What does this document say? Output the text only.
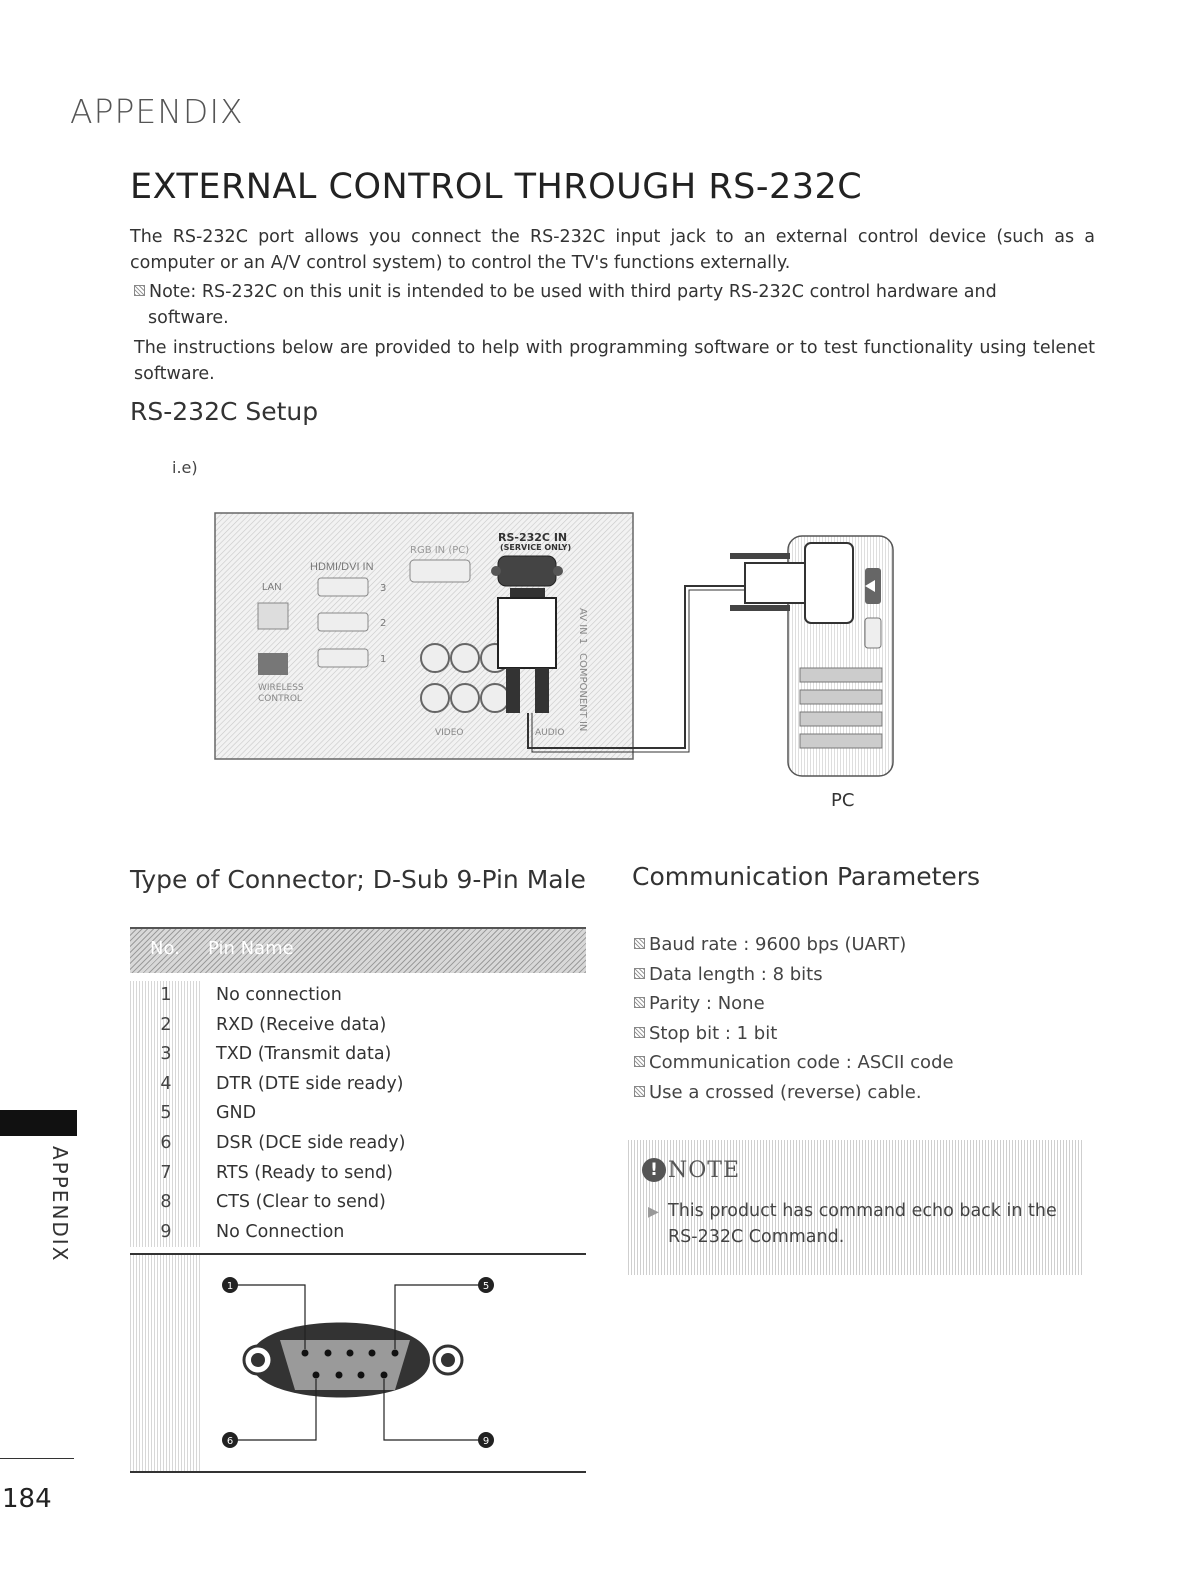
APPENDIX
EXTERNAL CONTROL THROUGH RS-232C
The RS-232C port allows you connect the RS-232C input jack to an external control device (such as a computer or an A/V control system) to control the TV's functions externally.
Note: RS-232C on this unit is intended to be used with third party RS-232C control hardware and
software.
The instructions below are provided to help with programming software or to test functionality using telenet software.
RS-232C Setup
i.e)
HDMI/DVI IN
LAN	3
2
1
RGB IN (PC)
WIRELESS
CONTROL
VIDEO	AUDIO
AV IN 1
COMPONENT IN
RS-232C IN
(SERVICE ONLY)
PC
Type of Connector; D-Sub 9-Pin Male Communication Parameters
No. Pin Name
1	No connection
2	RXD (Receive data)
3	TXD (Transmit data)
4	DTR (DTE side ready)
5	GND
6	DSR (DCE side ready)
7	RTS (Ready to send)
8	CTS (Clear to send)
9	No Connection
1	5
6	9
Baud rate : 9600 bps (UART)
Data length : 8 bits
Parity : None
Stop bit : 1 bit
Communication code : ASCII code
Use a crossed (reverse) cable.
! NOTE
▶ This product has command echo back in the RS-232C Command.
APPENDIX
184
